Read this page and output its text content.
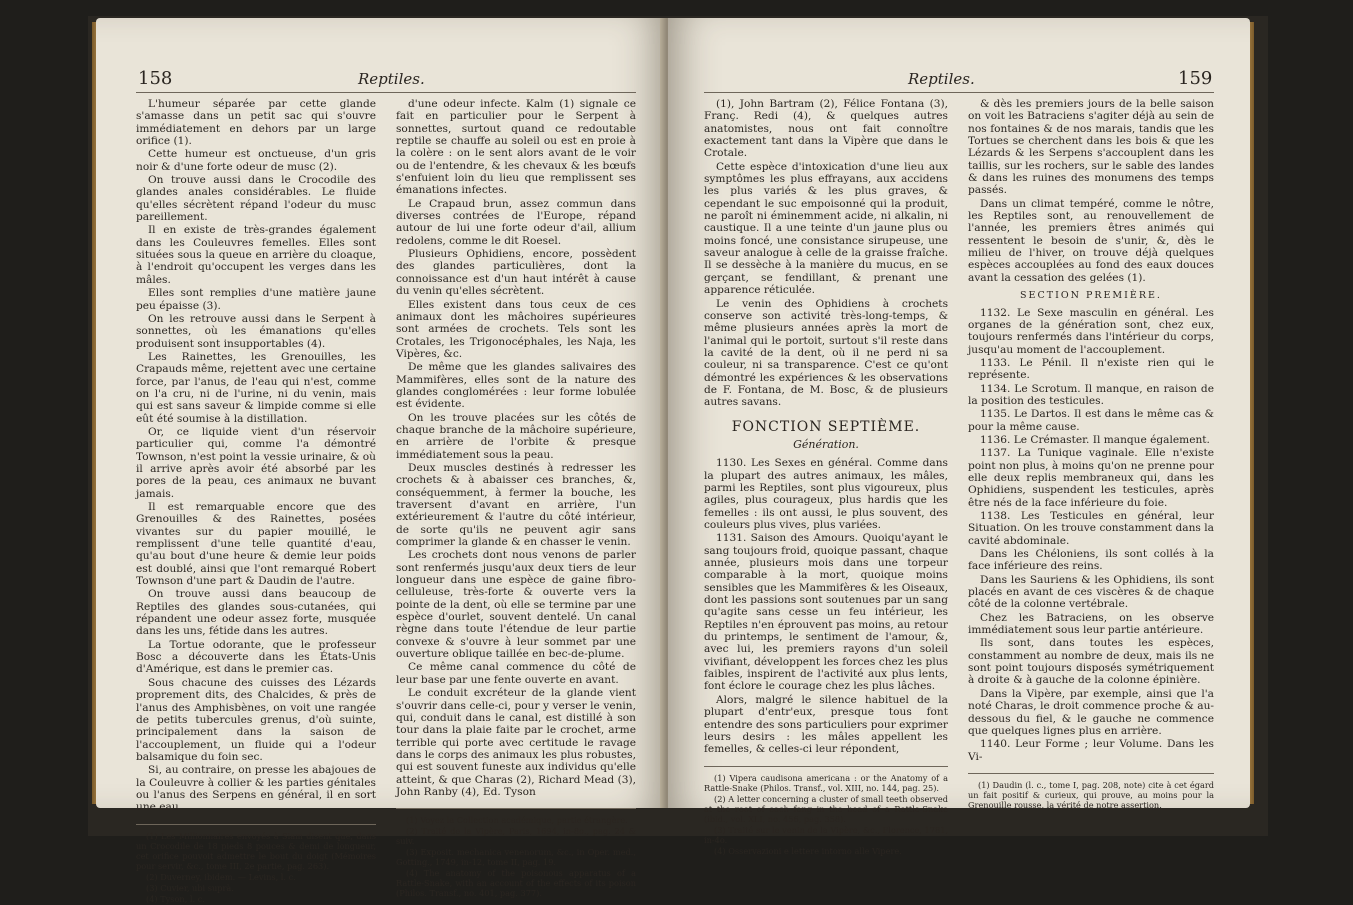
158	Reptiles.

L'humeur séparée par cette glande s'amasse dans un petit sac qui s'ouvre immédiatement en dehors par un large orifice (1).

Cette humeur est onctueuse, d'un gris noir & d'une forte odeur de musc (2).

On trouve aussi dans le Crocodile des glandes anales considérables. Le fluide qu'elles sécrètent répand l'odeur du musc pareillement.

Il en existe de très-grandes également dans les Couleuvres femelles. Elles sont situées sous la queue en arrière du cloaque, à l'endroit qu'occupent les verges dans les mâles.

Elles sont remplies d'une matière jaune peu épaisse (3).

On les retrouve aussi dans le Serpent à sonnettes, où les émanations qu'elles produisent sont insupportables (4).

Les Rainettes, les Grenouilles, les Crapauds même, rejettent avec une certaine force, par l'anus, de l'eau qui n'est, comme on l'a cru, ni de l'urine, ni du venin, mais qui est sans saveur & limpide comme si elle eût été soumise à la distillation.

Or, ce liquide vient d'un réservoir particulier qui, comme l'a démontré Townson, n'est point la vessie urinaire, & où il arrive après avoir été absorbé par les pores de la peau, ces animaux ne buvant jamais.

Il est remarquable encore que des Grenouilles & des Rainettes, posées vivantes sur du papier mouillé, le remplissent d'une telle quantité d'eau, qu'au bout d'une heure & demie leur poids est doublé, ainsi que l'ont remarqué Robert Townson d'une part & Daudin de l'autre.

On trouve aussi dans beaucoup de Reptiles des glandes sous-cutanées, qui répandent une odeur assez forte, musquée dans les uns, fétide dans les autres.

La Tortue odorante, que le professeur Bosc a découverte dans les États-Unis d'Amérique, est dans le premier cas.

Sous chacune des cuisses des Lézards proprement dits, des Chalcides, & près de l'anus des Amphisbènes, on voit une rangée de petits tubercules grenus, d'où suinte, principalement dans la saison de l'accouplement, un fluide qui a l'odeur balsamique du foin sec.

Si, au contraire, on presse les abajoues de la Couleuvre à collier & les parties génitales ou l'anus des Serpens en général, il en sort une eau

(1) Les Millionnaires envoyés à Siam disent que, dans un Crocodile de 18 pieds 8 pouces & demi de longueur, cet orifice pouvoit admettre le bout du doigt (Mémoires pour servir, &c., tome III, 2e partie, pag. 263).

(2) Duverney, ibidem. — Levins, l. c.

(3) Cuvier, ubi suprà.

(4) Tyson, l. c.

d'une odeur infecte. Kalm (1) signale ce fait en particulier pour le Serpent à sonnettes, surtout quand ce redoutable reptile se chauffe au soleil ou est en proie à la colère : on le sent alors avant de le voir ou de l'entendre, & les chevaux & les bœufs s'enfuient loin du lieu que remplissent ses émanations infectes.

Le Crapaud brun, assez commun dans diverses contrées de l'Europe, répand autour de lui une forte odeur d'ail, allium redolens, comme le dit Roesel.

Plusieurs Ophidiens, encore, possèdent des glandes particulières, dont la connoissance est d'un haut intérêt à cause du venin qu'elles sécrètent.

Elles existent dans tous ceux de ces animaux dont les mâchoires supérieures sont armées de crochets. Tels sont les Crotales, les Trigonocéphales, les Naja, les Vipères, &c.

De même que les glandes salivaires des Mammifères, elles sont de la nature des glandes conglomérées : leur forme lobulée est évidente.

On les trouve placées sur les côtés de chaque branche de la mâchoire supérieure, en arrière de l'orbite & presque immédiatement sous la peau.

Deux muscles destinés à redresser les crochets & à abaisser ces branches, &, conséquemment, à fermer la bouche, les traversent d'avant en arrière, l'un extérieurement & l'autre du côté intérieur, de sorte qu'ils ne peuvent agir sans comprimer la glande & en chasser le venin.

Les crochets dont nous venons de parler sont renfermés jusqu'aux deux tiers de leur longueur dans une espèce de gaine fibro-celluleuse, très-forte & ouverte vers la pointe de la dent, où elle se termine par une espèce d'ourlet, souvent dentelé. Un canal règne dans toute l'étendue de leur partie convexe & s'ouvre à leur sommet par une ouverture oblique taillée en bec-de-plume.

Ce même canal commence du côté de leur base par une fente ouverte en avant.

Le conduit excréteur de la glande vient s'ouvrir dans celle-ci, pour y verser le venin, qui, conduit dans le canal, est distillé à son tour dans la plaie faite par le crochet, arme terrible qui porte avec certitude le ravage dans le corps des animaux les plus robustes, qui est souvent funeste aux individus qu'elle atteint, & que Charas (2), Richard Mead (3), John Ranby (4), Ed. Tyson

(1) Voyez la Collection académique, partie étrangère.

(2) Traité de la Vipère, Paris, 1694, in-8o., pag. 24 & suiv.

(3) Exposit. mechanica venenorum, &c., in Oper. med., Gotting., 1749, in-12, tome II, pag. 19.

(4) The anatomy of the poisonous apparatus of a Rattle-Snake, with an account of the effects of its poison (Philos. Transf., no. 401, pag. 377).

Reptiles.	159

(1), John Bartram (2), Félice Fontana (3), Franç. Redi (4), & quelques autres anatomistes, nous ont fait connoître exactement tant dans la Vipère que dans le Crotale.

Cette espèce d'intoxication d'une lieu aux symptômes les plus effrayans, aux accidens les plus variés & les plus graves, & cependant le suc empoisonné qui la produit, ne paroît ni éminemment acide, ni alkalin, ni caustique. Il a une teinte d'un jaune plus ou moins foncé, une consistance sirupeuse, une saveur analogue à celle de la graisse fraîche. Il se dessèche à la manière du mucus, en se gerçant, se fendillant, & prenant une apparence réticulée.

Le venin des Ophidiens à crochets conserve son activité très-long-temps, & même plusieurs années après la mort de l'animal qui le portoit, surtout s'il reste dans la cavité de la dent, où il ne perd ni sa couleur, ni sa transparence. C'est ce qu'ont démontré les expériences & les observations de F. Fontana, de M. Bosc, & de plusieurs autres savans.

FONCTION SEPTIÈME.
Génération.

1130. Les Sexes en général. Comme dans la plupart des autres animaux, les mâles, parmi les Reptiles, sont plus vigoureux, plus agiles, plus courageux, plus hardis que les femelles : ils ont aussi, le plus souvent, des couleurs plus vives, plus variées.

1131. Saison des Amours. Quoiqu'ayant le sang toujours froid, quoique passant, chaque année, plusieurs mois dans une torpeur comparable à la mort, quoique moins sensibles que les Mammifères & les Oiseaux, dont les passions sont soutenues par un sang qu'agite sans cesse un feu intérieur, les Reptiles n'en éprouvent pas moins, au retour du printemps, le sentiment de l'amour, &, avec lui, les premiers rayons d'un soleil vivifiant, développent les forces chez les plus faibles, inspirent de l'activité aux plus lents, font éclore le courage chez les plus lâches.

Alors, malgré le silence habituel de la plupart d'entr'eux, presque tous font entendre des sons particuliers pour exprimer leurs desirs : les mâles appellent les femelles, & celles-ci leur répondent,

(1) Vipera caudisona americana : or the Anatomy of a Rattle-Snake (Philos. Transf., vol. XIII, no. 144, pag. 25).

(2) A letter concerning a cluster of small teeth observed at the root of each fang in the head of a Rattle-Snake (ibid., vol. XLI, no. 456, pag. 358).

(3) Traité sur le venin de la Vipère, &c., Florence, 1781, in-4o.

(4) Osservazioni e lettere intorno alle Vipere.

& dès les premiers jours de la belle saison on voit les Batraciens s'agiter déjà au sein de nos fontaines & de nos marais, tandis que les Tortues se cherchent dans les bois & que les Lézards & les Serpens s'accouplent dans les taillis, sur les rochers, sur le sable des landes & dans les ruines des monumens des temps passés.

Dans un climat tempéré, comme le nôtre, les Reptiles sont, au renouvellement de l'année, les premiers êtres animés qui ressentent le besoin de s'unir, &, dès le milieu de l'hiver, on trouve déjà quelques espèces accouplées au fond des eaux douces avant la cessation des gelées (1).

SECTION PREMIÈRE.

1132. Le Sexe masculin en général. Les organes de la génération sont, chez eux, toujours renfermés dans l'intérieur du corps, jusqu'au moment de l'accouplement.

1133. Le Pénil. Il n'existe rien qui le représente.

1134. Le Scrotum. Il manque, en raison de la position des testicules.

1135. Le Dartos. Il est dans le même cas & pour la même cause.

1136. Le Crémaster. Il manque également.

1137. La Tunique vaginale. Elle n'existe point non plus, à moins qu'on ne prenne pour elle deux replis membraneux qui, dans les Ophidiens, suspendent les testicules, après être nés de la face inférieure du foie.

1138. Les Testicules en général, leur Situation. On les trouve constamment dans la cavité abdominale.

Dans les Chéloniens, ils sont collés à la face inférieure des reins.

Dans les Sauriens & les Ophidiens, ils sont placés en avant de ces viscères & de chaque côté de la colonne vertébrale.

Chez les Batraciens, on les observe immédiatement sous leur partie antérieure.

Ils sont, dans toutes les espèces, constamment au nombre de deux, mais ils ne sont point toujours disposés symétriquement à droite & à gauche de la colonne épinière.

Dans la Vipère, par exemple, ainsi que l'a noté Charas, le droit commence proche & au-dessous du fiel, & le gauche ne commence que quelques lignes plus en arrière.

1140. Leur Forme ; leur Volume. Dans les Vi-

(1) Daudin (l. c., tome I, pag. 208, note) cite à cet égard un fait positif & curieux, qui prouve, au moins pour la Grenouille rousse, la vérité de notre assertion.
